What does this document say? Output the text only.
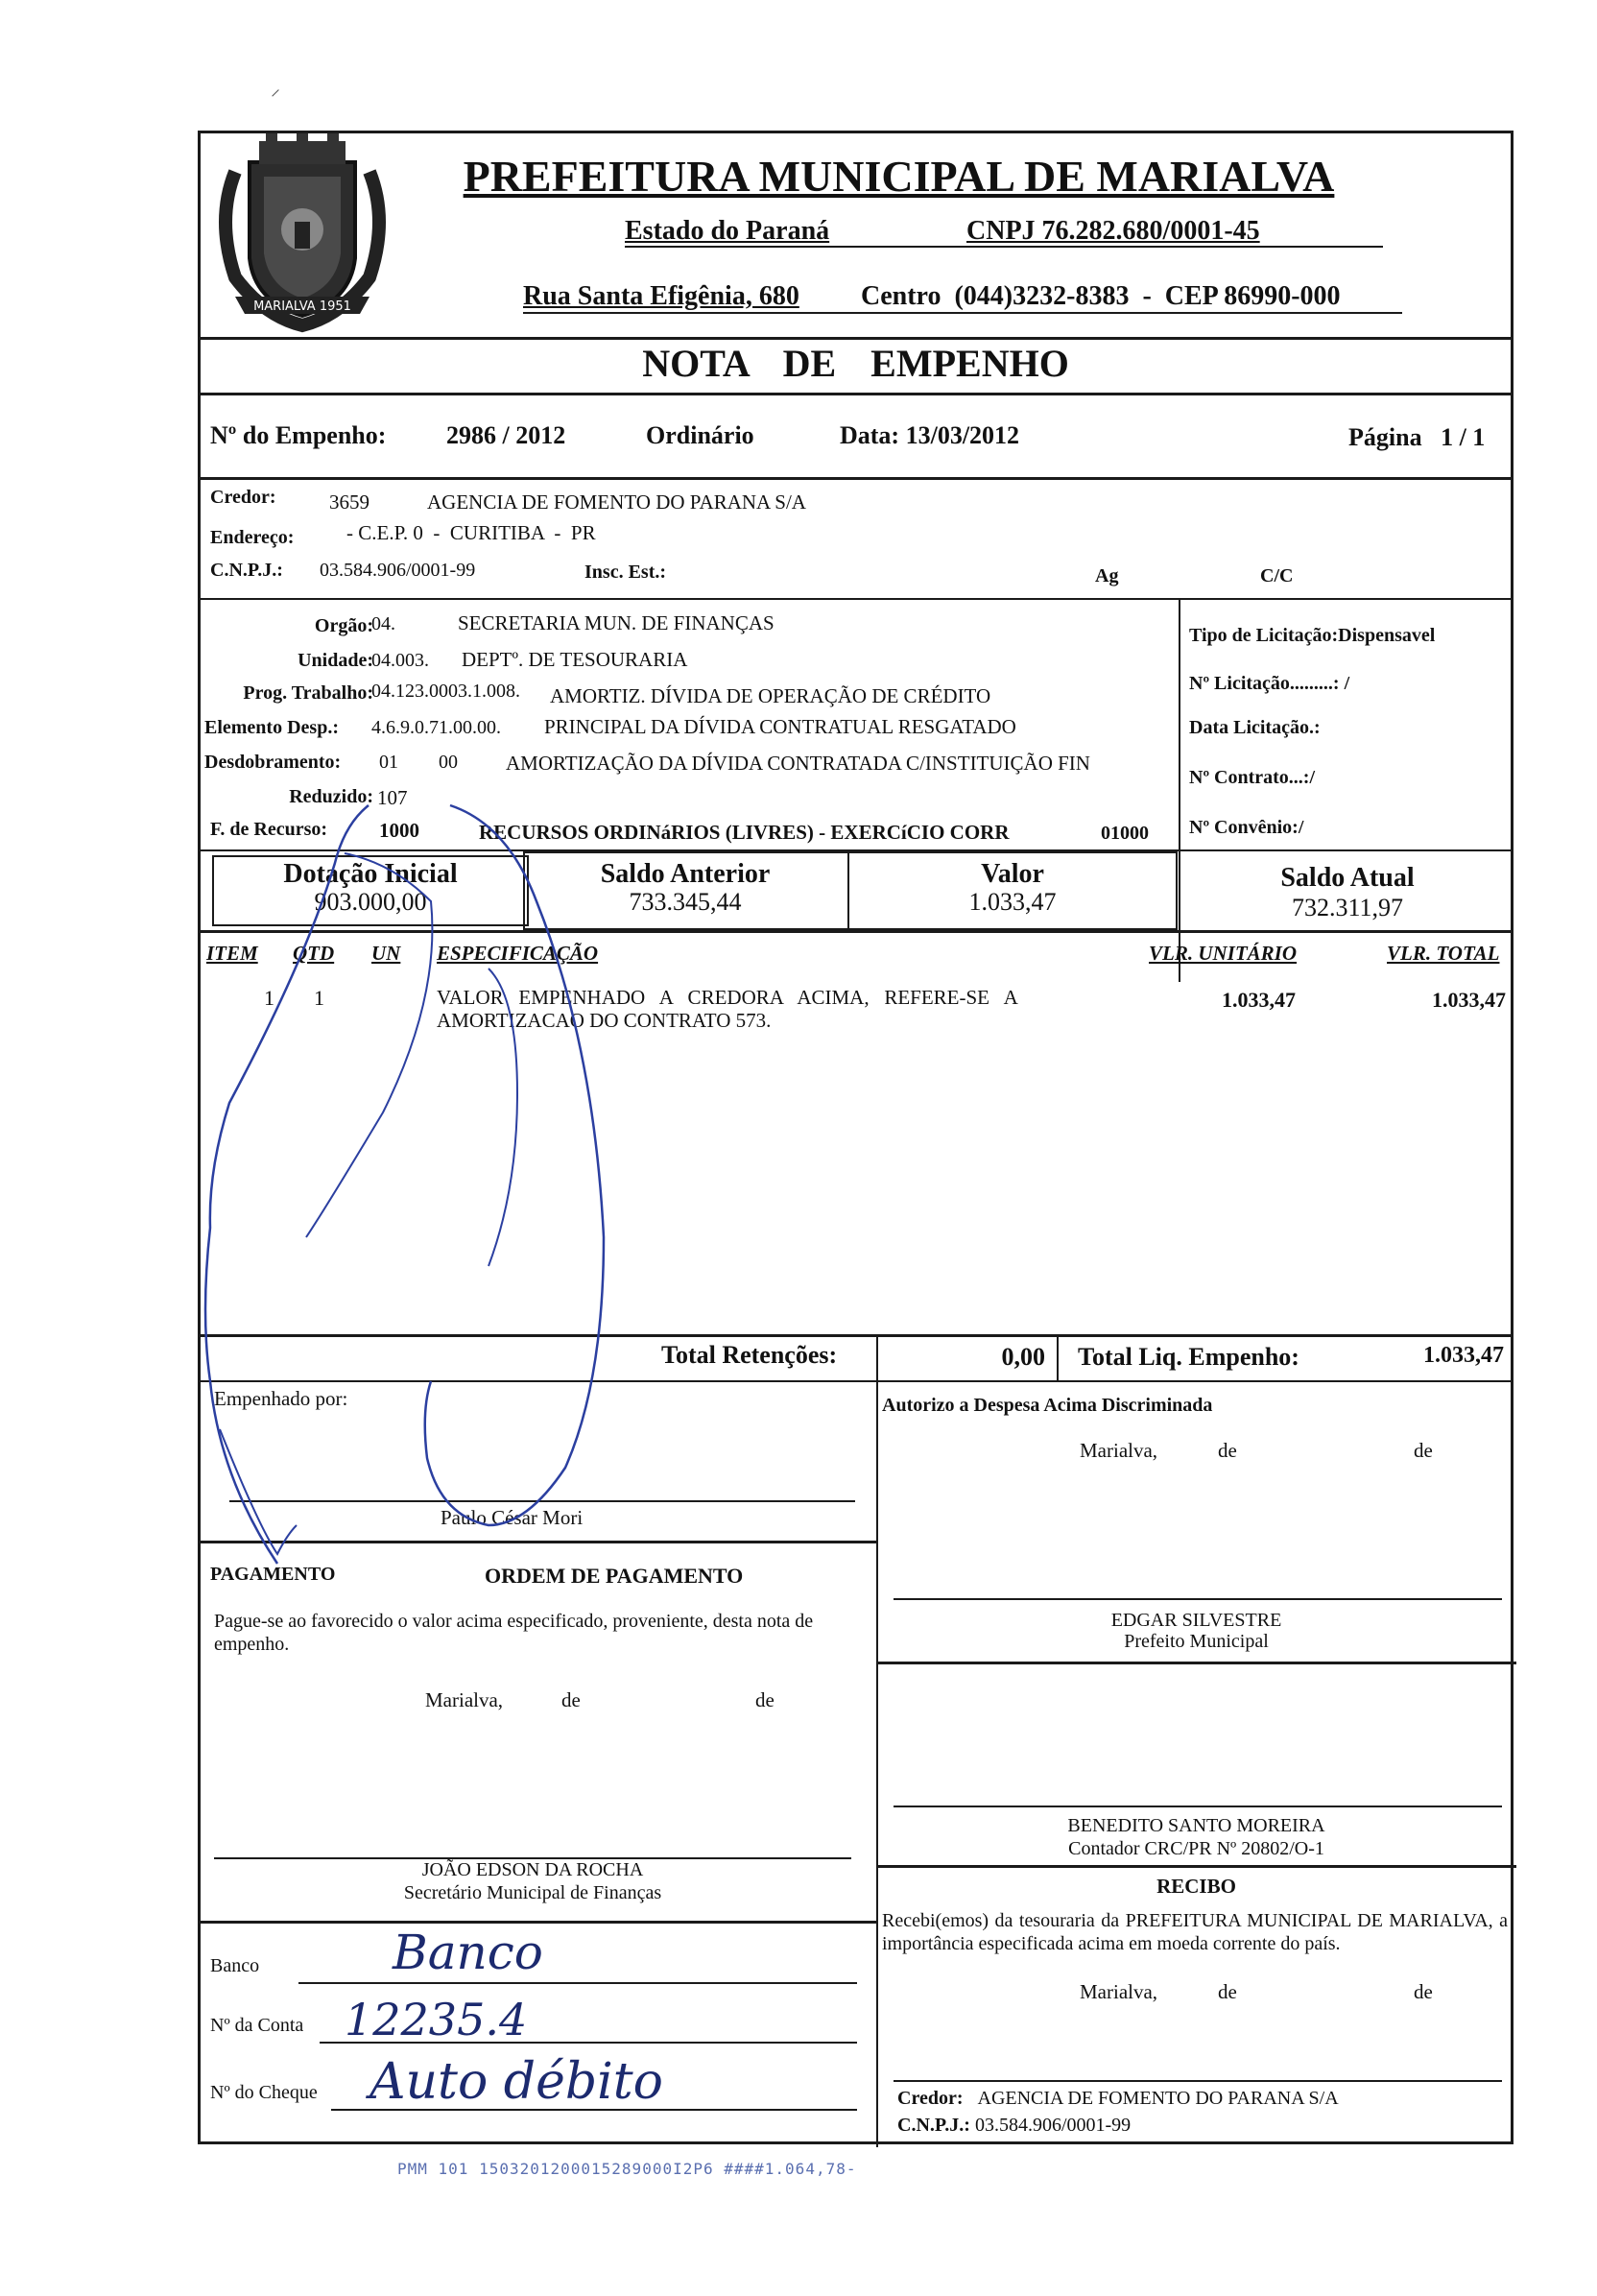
⸝
MARIALVA 1951
PREFEITURA MUNICIPAL DE MARIALVA
Estado do Paraná	CNPJ 76.282.680/0001-45
Rua Santa Efigênia, 680 Centro  (044)3232-8383  -  CEP 86990-000
NOTA  DE  EMPENHO
Nº do Empenho: 2986 / 2012	Ordinário	Data: 13/03/2012	Página   1 / 1
Credor:	3659	AGENCIA DE FOMENTO DO PARANA S/A
Endereço:	- C.E.P. 0  -  CURITIBA  -  PR
C.N.P.J.: 03.584.906/0001-99	Insc. Est.:	Ag	C/C
Orgão:
04.	SECRETARIA MUN. DE FINANÇAS
Unidade:
04.003. DEPTº. DE TESOURARIA
Prog. Trabalho:
04.123.0003.1.008. AMORTIZ. DÍVIDA DE OPERAÇÃO DE CRÉDITO
Elemento Desp.: 4.6.9.0.71.00.00. PRINCIPAL DA DÍVIDA CONTRATUAL RESGATADO
Desdobramento: 01 00 AMORTIZAÇÃO DA DÍVIDA CONTRATADA C/INSTITUIÇÃO FIN
Reduzido: 107
F. de Recurso:	1000	RECURSOS ORDINáRIOS (LIVRES) - EXERCíCIO CORR	01000
Tipo de Licitação:Dispensavel
Nº Licitação.........: /
Data Licitação.:
Nº Contrato...:/
Nº Convênio:/
Dotação Inicial
903.000,00
Saldo Anterior
733.345,44
Valor
1.033,47
Saldo Atual
732.311,97
ITEM QTD UN ESPECIFICAÇÃO	VLR. UNITÁRIO	VLR. TOTAL
1 1	VALOR   EMPENHADO   A   CREDORA   ACIMA,   REFERE-SE   A
AMORTIZACAO DO CONTRATO 573.
1.033,47	1.033,47
Total Retenções:	0,00 Total Liq. Empenho:	1.033,47
Empenhado por:
Paulo César Mori
Autorizo a Despesa Acima Discriminada
Marialva,	de	de
PAGAMENTO	ORDEM DE PAGAMENTO
Pague-se ao favorecido o valor acima especificado, proveniente, desta nota de empenho.
Marialva,	de	de
JOÃO EDSON DA ROCHA
Secretário Municipal de Finanças
EDGAR SILVESTRE
Prefeito Municipal
BENEDITO SANTO MOREIRA
Contador CRC/PR Nº 20802/O-1
RECIBO
Recebi(emos) da tesouraria da PREFEITURA MUNICIPAL DE MARIALVA, a importância especificada acima em moeda corrente do país.
Marialva,	de	de
Credor: AGENCIA DE FOMENTO DO PARANA S/A
C.N.P.J.: 03.584.906/0001-99
Banco	Banco
Nº da Conta 12235.4
Nº do Cheque Auto débito
PMM 101 1503201200015289000I2P6 ####1.064,78-
